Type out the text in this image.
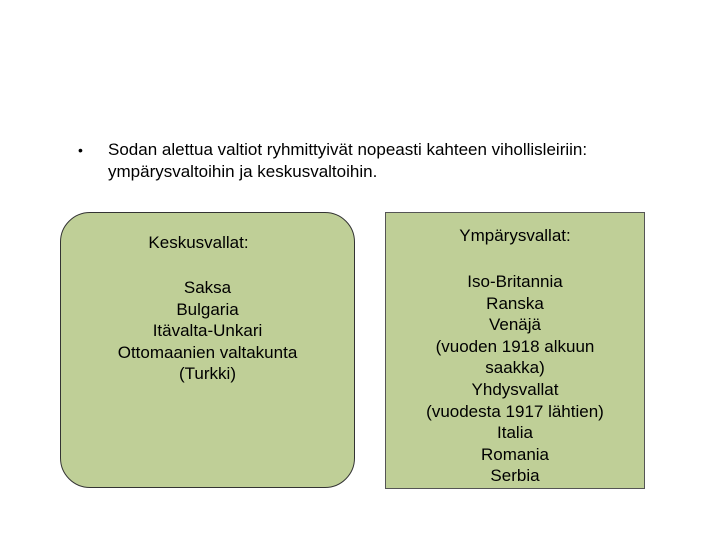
•	Sodan alettua valtiot ryhmittyivät nopeasti kahteen vihollisleiriin: ympärysvaltoihin ja keskusvaltoihin.
Keskusvallat:
Saksa
Bulgaria
Itävalta-Unkari
Ottomaanien valtakunta
(Turkki)
Ympärysvallat:
Iso-Britannia
Ranska
Venäjä
(vuoden 1918 alkuun
saakka)
Yhdysvallat
(vuodesta 1917 lähtien)
Italia
Romania
Serbia
